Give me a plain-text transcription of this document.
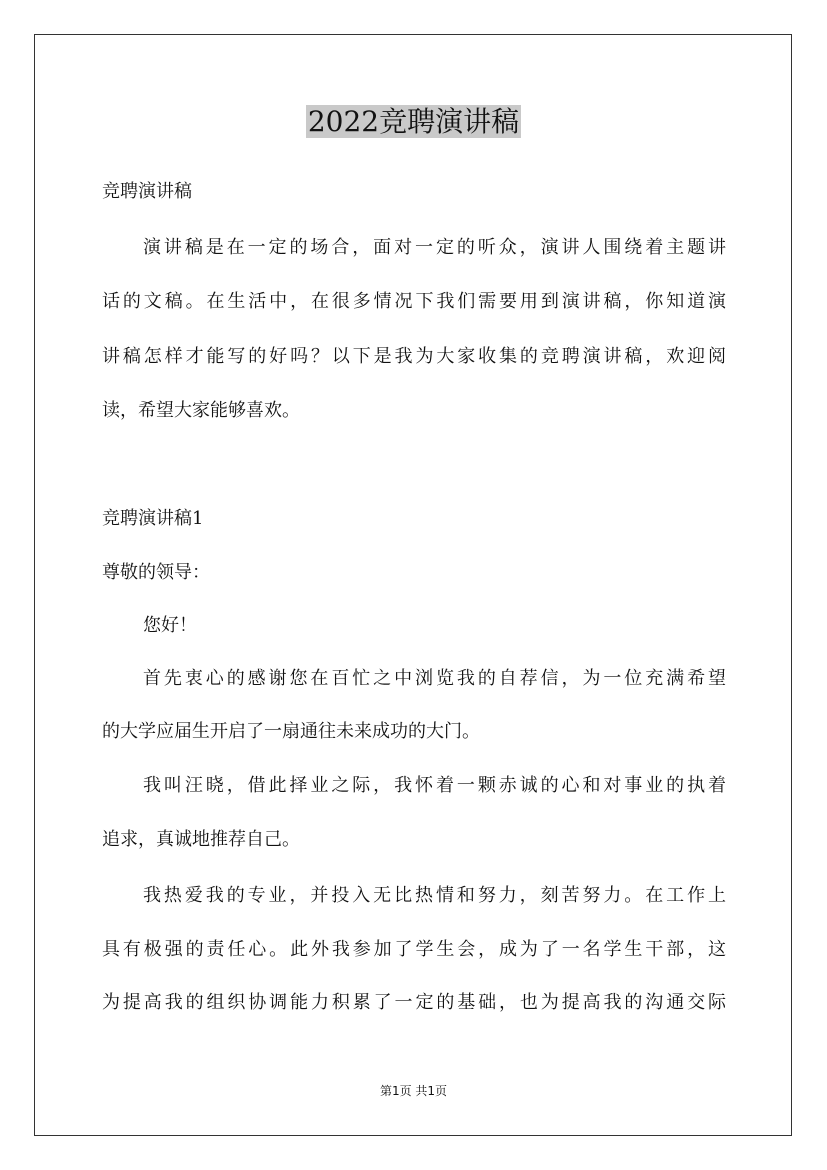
2022竞聘演讲稿
竞聘演讲稿
演讲稿是在一定的场合，面对一定的听众，演讲人围绕着主题讲
话的文稿。在生活中，在很多情况下我们需要用到演讲稿，你知道演
讲稿怎样才能写的好吗？以下是我为大家收集的竞聘演讲稿，欢迎阅
读，希望大家能够喜欢。
竞聘演讲稿1
尊敬的领导：
您好！
首先衷心的感谢您在百忙之中浏览我的自荐信，为一位充满希望
的大学应届生开启了一扇通往未来成功的大门。
我叫汪晓，借此择业之际，我怀着一颗赤诚的心和对事业的执着
追求，真诚地推荐自己。
我热爱我的专业，并投入无比热情和努力，刻苦努力。在工作上
具有极强的责任心。此外我参加了学生会，成为了一名学生干部，这
为提高我的组织协调能力积累了一定的基础，也为提高我的沟通交际
第1页 共1页
